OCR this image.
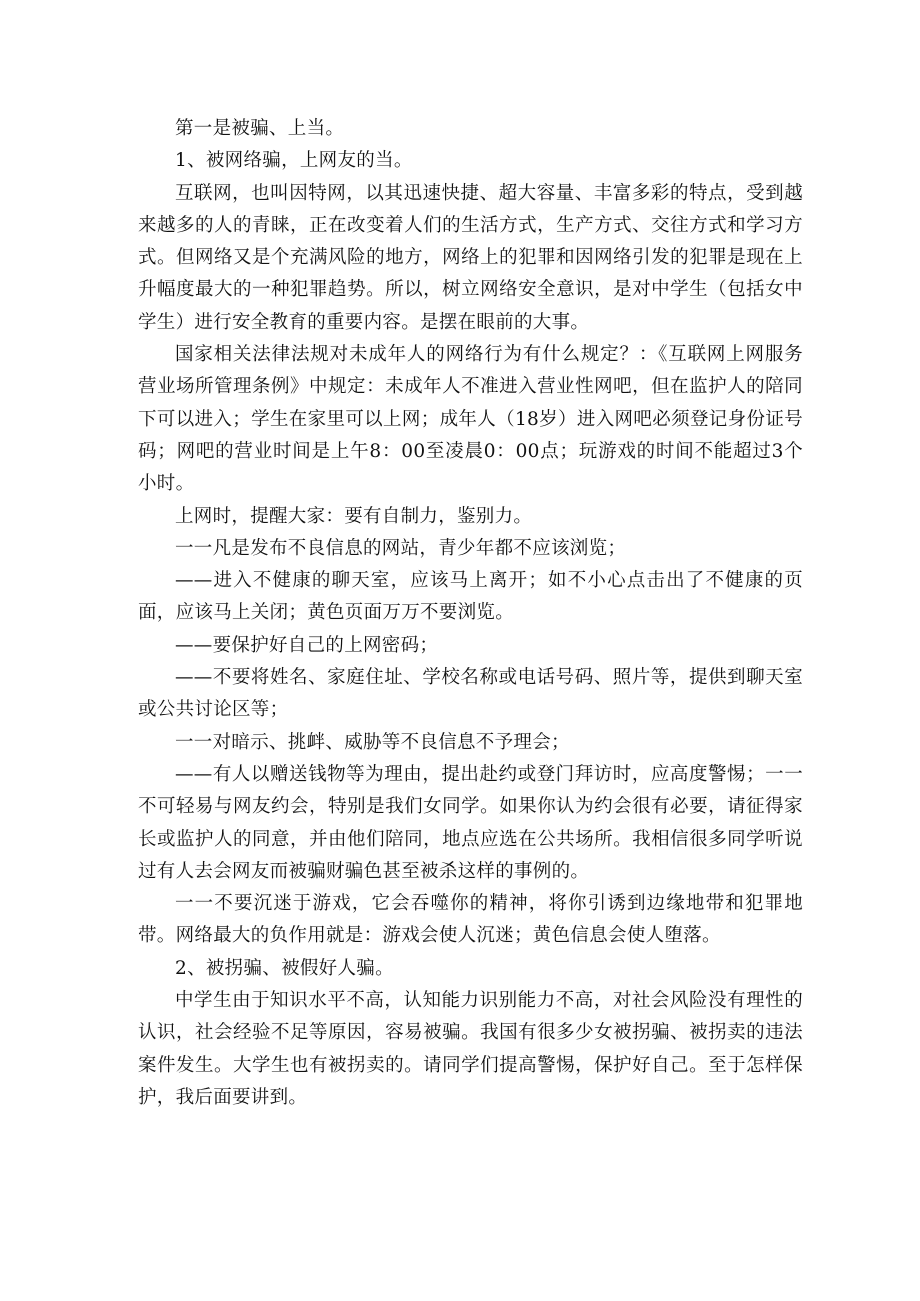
第一是被骗、上当。

1、被网络骗，上网友的当。

互联网，也叫因特网，以其迅速快捷、超大容量、丰富多彩的特点，受到越来越多的人的青睐，正在改变着人们的生活方式，生产方式、交往方式和学习方式。但网络又是个充满风险的地方，网络上的犯罪和因网络引发的犯罪是现在上升幅度最大的一种犯罪趋势。所以，树立网络安全意识，是对中学生（包括女中学生）进行安全教育的重要内容。是摆在眼前的大事。

国家相关法律法规对未成年人的网络行为有什么规定？：《互联网上网服务营业场所管理条例》中规定：未成年人不准进入营业性网吧，但在监护人的陪同下可以进入；学生在家里可以上网；成年人（18岁）进入网吧必须登记身份证号码；网吧的营业时间是上午8：00至凌晨0：00点；玩游戏的时间不能超过3个小时。

上网时，提醒大家：要有自制力，鉴别力。

一一凡是发布不良信息的网站，青少年都不应该浏览；

——进入不健康的聊天室，应该马上离开；如不小心点击出了不健康的页面，应该马上关闭；黄色页面万万不要浏览。

——要保护好自己的上网密码；

——不要将姓名、家庭住址、学校名称或电话号码、照片等，提供到聊天室或公共讨论区等；

一一对暗示、挑衅、威胁等不良信息不予理会；

——有人以赠送钱物等为理由，提出赴约或登门拜访时，应高度警惕；一一不可轻易与网友约会，特别是我们女同学。如果你认为约会很有必要，请征得家长或监护人的同意，并由他们陪同，地点应选在公共场所。我相信很多同学听说过有人去会网友而被骗财骗色甚至被杀这样的事例的。

一一不要沉迷于游戏，它会吞噬你的精神，将你引诱到边缘地带和犯罪地带。网络最大的负作用就是：游戏会使人沉迷；黄色信息会使人堕落。

2、被拐骗、被假好人骗。

中学生由于知识水平不高，认知能力识别能力不高，对社会风险没有理性的认识，社会经验不足等原因，容易被骗。我国有很多少女被拐骗、被拐卖的违法案件发生。大学生也有被拐卖的。请同学们提高警惕，保护好自己。至于怎样保护，我后面要讲到。
